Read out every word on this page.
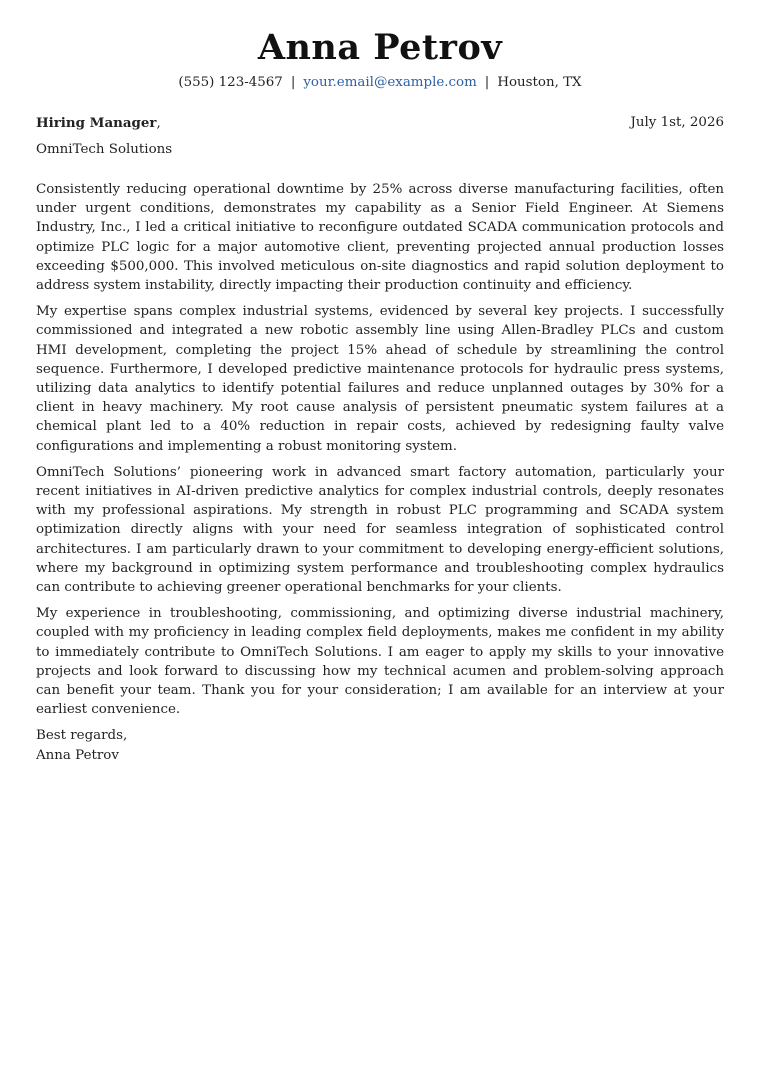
Anna Petrov
(555) 123-4567 | your.email@example.com | Houston, TX
Hiring Manager,	July 1st, 2026
OmniTech Solutions

Consistently reducing operational downtime by 25% across diverse manufacturing facilities, often under urgent conditions, demonstrates my capability as a Senior Field Engineer. At Siemens Industry, Inc., I led a critical initiative to reconfigure outdated SCADA communication protocols and optimize PLC logic for a major automotive client, preventing projected annual production losses exceeding $500,000. This involved meticulous on-site diagnostics and rapid solution deployment to address system instability, directly impacting their production continuity and efficiency.

My expertise spans complex industrial systems, evidenced by several key projects. I successfully commissioned and integrated a new robotic assembly line using Allen-Bradley PLCs and custom HMI development, completing the project 15% ahead of schedule by streamlining the control sequence. Furthermore, I developed predictive maintenance protocols for hydraulic press systems, utilizing data analytics to identify potential failures and reduce unplanned outages by 30% for a client in heavy machinery. My root cause analysis of persistent pneumatic system failures at a chemical plant led to a 40% reduction in repair costs, achieved by redesigning faulty valve configurations and implementing a robust monitoring system.

OmniTech Solutions’ pioneering work in advanced smart factory automation, particularly your recent initiatives in AI-driven predictive analytics for complex industrial controls, deeply resonates with my professional aspirations. My strength in robust PLC programming and SCADA system optimization directly aligns with your need for seamless integration of sophisticated control architectures. I am particularly drawn to your commitment to developing energy-efficient solutions, where my background in optimizing system performance and troubleshooting complex hydraulics can contribute to achieving greener operational benchmarks for your clients.

My experience in troubleshooting, commissioning, and optimizing diverse industrial machinery, coupled with my proficiency in leading complex field deployments, makes me confident in my ability to immediately contribute to OmniTech Solutions. I am eager to apply my skills to your innovative projects and look forward to discussing how my technical acumen and problem-solving approach can benefit your team. Thank you for your consideration; I am available for an interview at your earliest convenience.

Best regards,
Anna Petrov
